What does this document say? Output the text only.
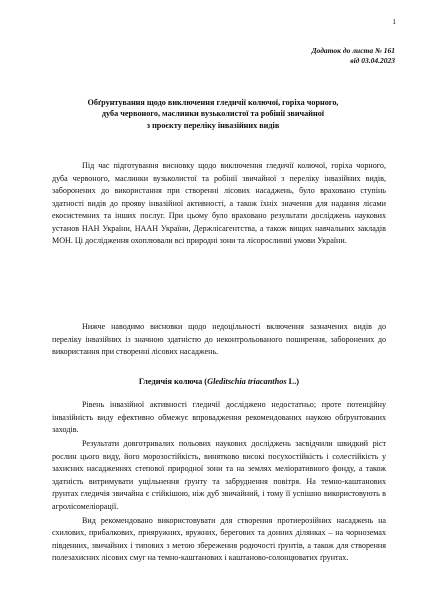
1
Додаток до листа № 161
від 03.04.2023
Обґрунтування щодо виключення гледичії колючої, горіха чорного,
дуба червоного, маслинки вузьколистої та робінії звичайної
з проєкту переліку інвазійних видів

Під час підготування висновку щодо виключення гледичії колючої, горіха чорного, дуба червоного, маслинки вузьколистої та робінії звичайної з переліку інвазійних видів, заборонених до використання при створенні лісових насаджень, було враховано ступінь здатності видів до прояву інвазійної активності, а також їхніх значення для надання лісами екосистемних та інших послуг. При цьому було враховано результати досліджень наукових установ НАН України, НААН України, Держлісагентства, а також вищих навчальних закладів МОН. Ці дослідження охоплювали всі природні зони та лісорослинні умови України.

Нижче наводимо висновки щодо недоцільності включення зазначених видів до переліку інвазійних із значною здатністю до неконтрольованого поширення, заборонених до використання при створенні лісових насаджень.

Гледичія колюча (Gleditschia triacanthos L.)

Рівень інвазійної активності гледичії досліджено недостатньо; проте потенційну інвазійність виду ефективно обмежує впровадження рекомендованих наукою обґрунтованих заходів.

Результати довготривалих польових наукових досліджень засвідчили швидкий ріст рослин цього виду, його морозостійкість, винятково високі посухостійкість і солестійкість у захисних насадженнях степової природної зони та на землях меліоративного фонду, а також здатність витримувати ущільнення ґрунту та забруднення повітря. На темно-каштанових ґрунтах гледичія звичайна є стійкішою, ніж дуб звичайний, і тому її успішно використовують в агролісомеліорації.

Вид рекомендовано використовувати для створення протиерозійних насаджень на схилових, прибалкових, прияружних, яружних, берегових та донних ділянках – на чорноземах південних, звичайних і типових з метою збереження родючості ґрунтів, а також для створення полезахисних лісових смуг на темно-каштанових і каштаново-солонцюватих ґрунтах.
